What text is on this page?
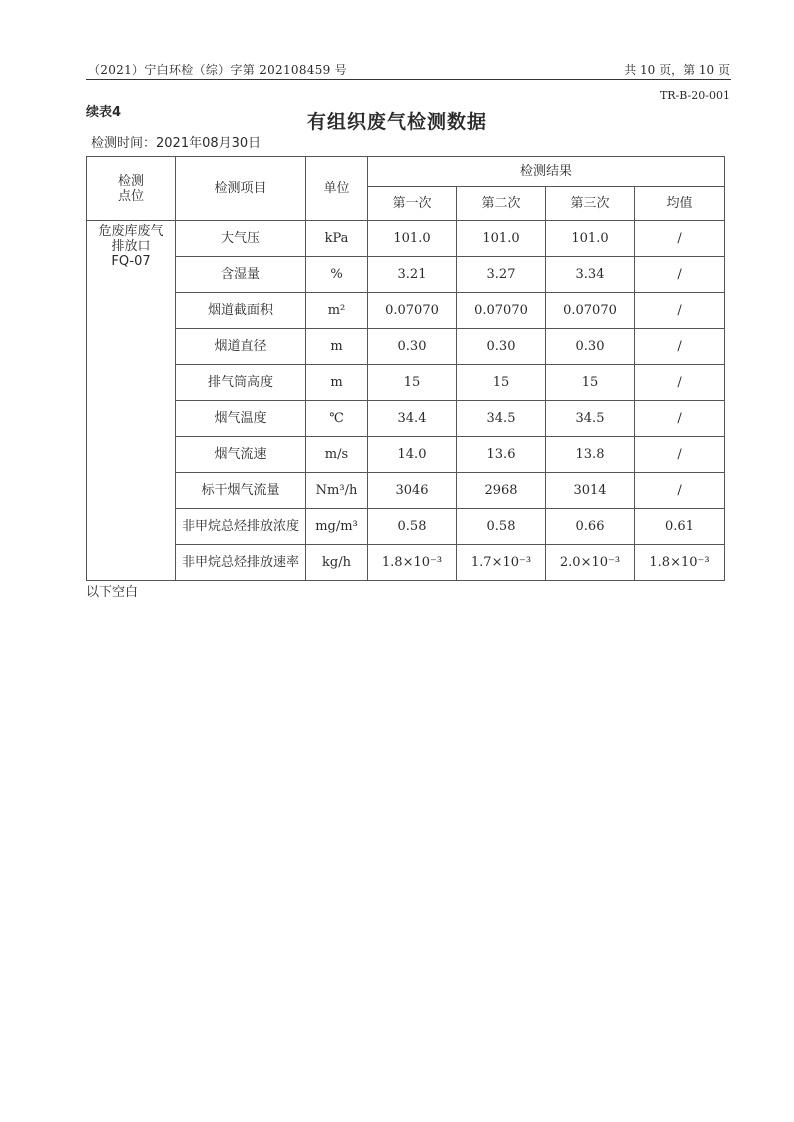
（2021）宁白环检（综）字第 202108459 号	共 10 页，第 10 页
TR-B-20-001
续表4	有组织废气检测数据
检测时间：2021年08月30日
检测
点位	检测项目	单位	检测结果			
			第一次	第二次	第三次	均值

危废库废气
排放口
FQ-07	大气压	kPa	101.0	101.0	101.0	/
	含湿量	%	3.21	3.27	3.34	/
	烟道截面积	m²	0.07070	0.07070	0.07070	/
	烟道直径	m	0.30	0.30	0.30	/
	排气筒高度	m	15	15	15	/
	烟气温度	℃	34.4	34.5	34.5	/
	烟气流速	m/s	14.0	13.6	13.8	/
	标干烟气流量	Nm³/h	3046	2968	3014	/
	非甲烷总烃排放浓度	mg/m³	0.58	0.58	0.66	0.61
	非甲烷总烃排放速率	kg/h	1.8×10⁻³	1.7×10⁻³	2.0×10⁻³	1.8×10⁻³
以下空白
